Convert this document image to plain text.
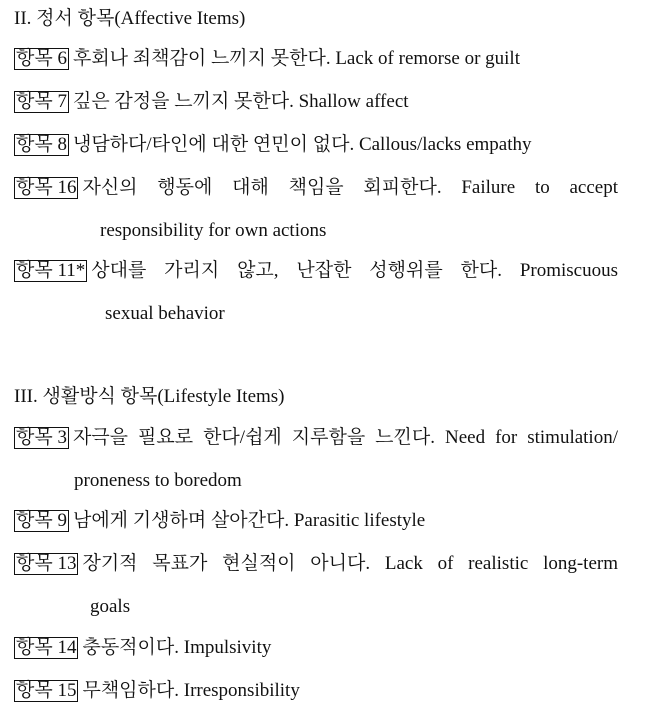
II. 정서 항목(Affective Items)
항목 6 후회나 죄책감이 느끼지 못한다. Lack of remorse or guilt
항목 7 깊은 감정을 느끼지 못한다. Shallow affect
항목 8 냉담하다/타인에 대한 연민이 없다. Callous/lacks empathy
항목 16 자신의 행동에 대해 책임을 회피한다. Failure to accept
responsibility for own actions
항목 11* 상대를 가리지 않고, 난잡한 성행위를 한다. Promiscuous
sexual behavior
III. 생활방식 항목(Lifestyle Items)
항목 3 자극을 필요로 한다/쉽게 지루함을 느낀다. Need for stimulation/
proneness to boredom
항목 9 남에게 기생하며 살아간다. Parasitic lifestyle
항목 13 장기적 목표가 현실적이 아니다. Lack of realistic long-term
goals
항목 14 충동적이다. Impulsivity
항목 15 무책임하다. Irresponsibility
